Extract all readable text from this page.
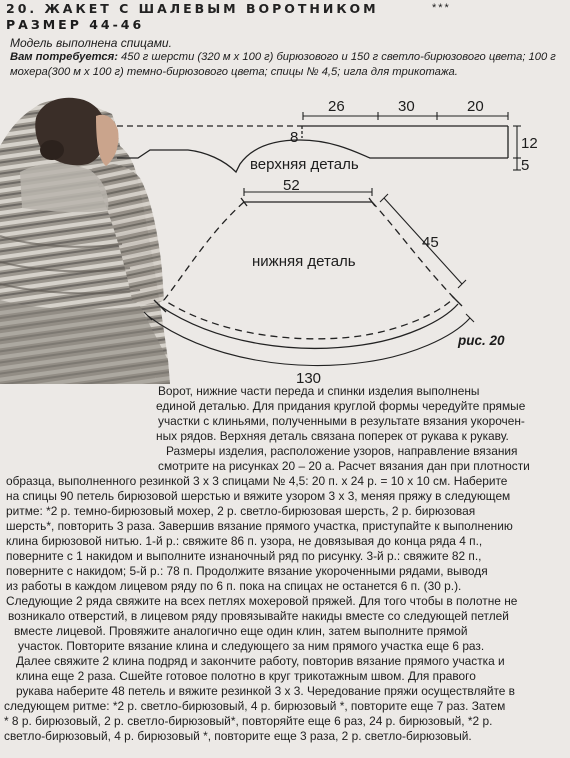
20. ЖАКЕТ С ШАЛЕВЫМ ВОРОТНИКОМ	***
РАЗМЕР 44-46
Модель выполнена спицами.
Вам потребуется: 450 г шерсти (320 м х 100 г) бирюзового и 150 г светло-бирюзового цвета; 100 г мохера(300 м х 100 г) темно-бирюзового цвета; спицы № 4,5; игла для трикотажа.
26	30	20
8	12
5
верхняя деталь
52
45
нижняя деталь
130
рис. 20
Ворот, нижние части переда и спинки изделия выполнены
единой деталью. Для придания круглой формы чередуйте прямые
участки с клиньями, полученными в результате вязания укорочен-
ных рядов. Верхняя деталь связана поперек от рукава к рукаву.
Размеры изделия, расположение узоров, направление вязания
смотрите на рисунках 20 – 20 а. Расчет вязания дан при плотности
образца, выполненного резинкой 3 х 3 спицами № 4,5: 20 п. х 24 р. = 10 х 10 см. Наберите
на спицы 90 петель бирюзовой шерстью и вяжите узором 3 х 3, меняя пряжу в следующем
ритме: *2 р. темно-бирюзовый мохер, 2 р. светло-бирюзовая шерсть, 2 р. бирюзовая
шерсть*, повторить 3 раза. Завершив вязание прямого участка, приступайте к выполнению
клина бирюзовой нитью. 1-й р.: свяжите 86 п. узора, не довязывая до конца ряда 4 п.,
поверните с 1 накидом и выполните изнаночный ряд по рисунку. 3-й р.: свяжите 82 п.,
поверните с накидом; 5-й р.: 78 п. Продолжите вязание укороченными рядами, выводя
из работы в каждом лицевом ряду по 6 п. пока на спицах не останется 6 п. (30 р.).
Следующие 2 ряда свяжите на всех петлях мохеровой пряжей. Для того чтобы в полотне не
возникало отверстий, в лицевом ряду провязывайте накиды вместе со следующей петлей
вместе лицевой. Провяжите аналогично еще один клин, затем выполните прямой
участок. Повторите вязание клина и следующего за ним прямого участка еще 6 раз.
Далее свяжите 2 клина подряд и закончите работу, повторив вязание прямого участка и
клина еще 2 раза. Сшейте готовое полотно в круг трикотажным швом. Для правого
рукава наберите 48 петель и вяжите резинкой 3 х 3. Чередование пряжи осуществляйте в
следующем ритме: *2 р. светло-бирюзовый, 4 р. бирюзовый *, повторите еще 7 раз. Затем
* 8 р. бирюзовый, 2 р. светло-бирюзовый*, повторяйте еще 6 раз, 24 р. бирюзовый, *2 р.
светло-бирюзовый, 4 р. бирюзовый *, повторите еще 3 раза, 2 р. светло-бирюзовый.
